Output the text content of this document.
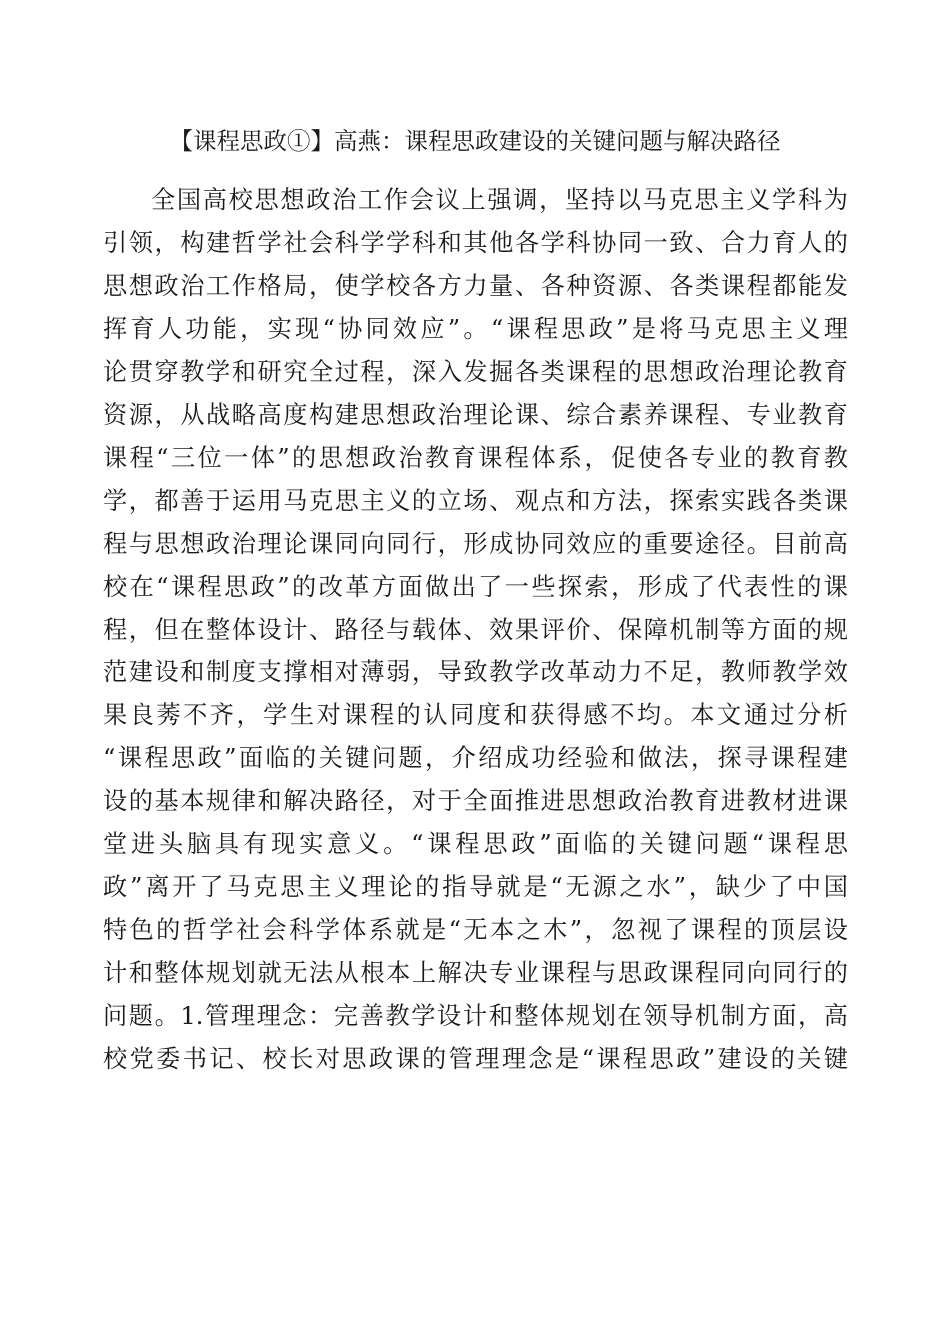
【课程思政①】高燕：课程思政建设的关键问题与解决路径
全国高校思想政治工作会议上强调，坚持以马克思主义学科为
引领，构建哲学社会科学学科和其他各学科协同一致、合力育人的
思想政治工作格局，使学校各方力量、各种资源、各类课程都能发
挥育人功能，实现“协同效应”。“课程思政”是将马克思主义理
论贯穿教学和研究全过程，深入发掘各类课程的思想政治理论教育
资源，从战略高度构建思想政治理论课、综合素养课程、专业教育
课程“三位一体”的思想政治教育课程体系，促使各专业的教育教
学，都善于运用马克思主义的立场、观点和方法，探索实践各类课
程与思想政治理论课同向同行，形成协同效应的重要途径。目前高
校在“课程思政”的改革方面做出了一些探索，形成了代表性的课
程，但在整体设计、路径与载体、效果评价、保障机制等方面的规
范建设和制度支撑相对薄弱，导致教学改革动力不足，教师教学效
果良莠不齐，学生对课程的认同度和获得感不均。本文通过分析
“课程思政”面临的关键问题，介绍成功经验和做法，探寻课程建
设的基本规律和解决路径，对于全面推进思想政治教育进教材进课
堂进头脑具有现实意义。“课程思政”面临的关键问题“课程思
政”离开了马克思主义理论的指导就是“无源之水”，缺少了中国
特色的哲学社会科学体系就是“无本之木”，忽视了课程的顶层设
计和整体规划就无法从根本上解决专业课程与思政课程同向同行的
问题。1.管理理念：完善教学设计和整体规划在领导机制方面，高
校党委书记、校长对思政课的管理理念是“课程思政”建设的关键
